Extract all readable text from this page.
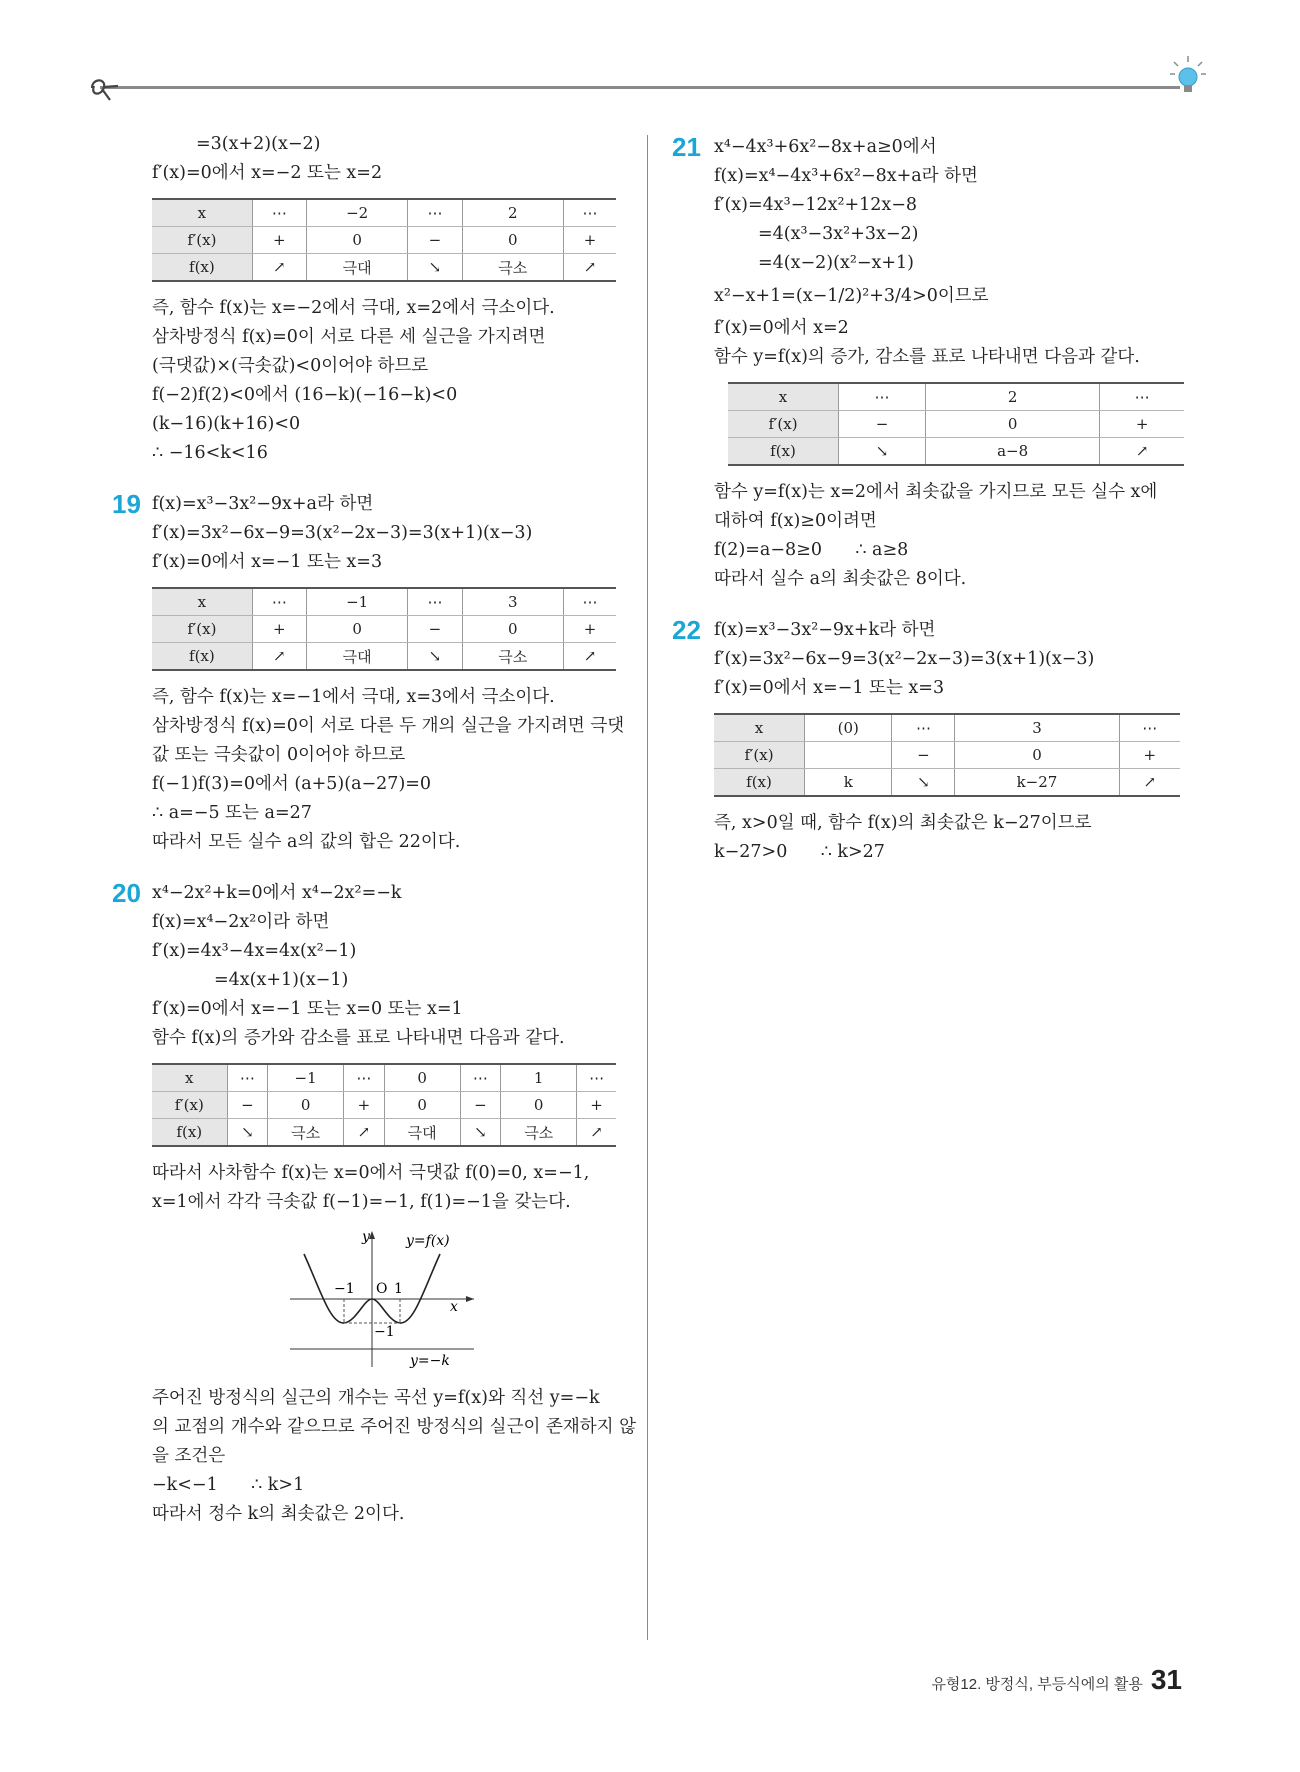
=3(x+2)(x−2)
f′(x)=0에서 x=−2 또는 x=2
x	⋯	−2	⋯	2	⋯
f′(x)	+	0	−	0	+
f(x)	↗	극대	↘	극소	↗
즉, 함수 f(x)는 x=−2에서 극대, x=2에서 극소이다.
삼차방정식 f(x)=0이 서로 다른 세 실근을 가지려면
(극댓값)×(극솟값)<0이어야 하므로
f(−2)f(2)<0에서 (16−k)(−16−k)<0
(k−16)(k+16)<0
∴ −16<k<16
19 f(x)=x³−3x²−9x+a라 하면
f′(x)=3x²−6x−9=3(x²−2x−3)=3(x+1)(x−3)
f′(x)=0에서 x=−1 또는 x=3
x	⋯	−1	⋯	3	⋯
f′(x)	+	0	−	0	+
f(x)	↗	극대	↘	극소	↗
즉, 함수 f(x)는 x=−1에서 극대, x=3에서 극소이다.
삼차방정식 f(x)=0이 서로 다른 두 개의 실근을 가지려면 극댓
값 또는 극솟값이 0이어야 하므로
f(−1)f(3)=0에서 (a+5)(a−27)=0
∴ a=−5 또는 a=27
따라서 모든 실수 a의 값의 합은 22이다.
20 x⁴−2x²+k=0에서 x⁴−2x²=−k
f(x)=x⁴−2x²이라 하면
f′(x)=4x³−4x=4x(x²−1)
=4x(x+1)(x−1)
f′(x)=0에서 x=−1 또는 x=0 또는 x=1
함수 f(x)의 증가와 감소를 표로 나타내면 다음과 같다.
x	⋯	−1	⋯	0	⋯	1	⋯
f′(x)	−	0	+	0	−	0	+
f(x)	↘	극소	↗	극대	↘	극소	↗
따라서 사차함수 f(x)는 x=0에서 극댓값 f(0)=0, x=−1,
x=1에서 각각 극솟값 f(−1)=−1, f(1)=−1을 갖는다.
y
x
y=f(x)
−1 O 1
−1
y=−k
주어진 방정식의 실근의 개수는 곡선 y=f(x)와 직선 y=−k
의 교점의 개수와 같으므로 주어진 방정식의 실근이 존재하지 않
을 조건은
−k<−1      ∴ k>1
따라서 정수 k의 최솟값은 2이다.
21 x⁴−4x³+6x²−8x+a≥0에서
f(x)=x⁴−4x³+6x²−8x+a라 하면
f′(x)=4x³−12x²+12x−8
=4(x³−3x²+3x−2)
=4(x−2)(x²−x+1)
x²−x+1=(x−1/2)²+3/4>0이므로
f′(x)=0에서 x=2
함수 y=f(x)의 증가, 감소를 표로 나타내면 다음과 같다.
x	⋯	2	⋯
f′(x)	−	0	+
f(x)	↘	a−8	↗
함수 y=f(x)는 x=2에서 최솟값을 가지므로 모든 실수 x에
대하여 f(x)≥0이려면
f(2)=a−8≥0      ∴ a≥8
따라서 실수 a의 최솟값은 8이다.
22 f(x)=x³−3x²−9x+k라 하면
f′(x)=3x²−6x−9=3(x²−2x−3)=3(x+1)(x−3)
f′(x)=0에서 x=−1 또는 x=3
x	(0)	⋯	3	⋯
f′(x)		−	0	+
f(x)	k	↘	k−27	↗
즉, x>0일 때, 함수 f(x)의 최솟값은 k−27이므로
k−27>0      ∴ k>27
유형12. 방정식, 부등식에의 활용 31
